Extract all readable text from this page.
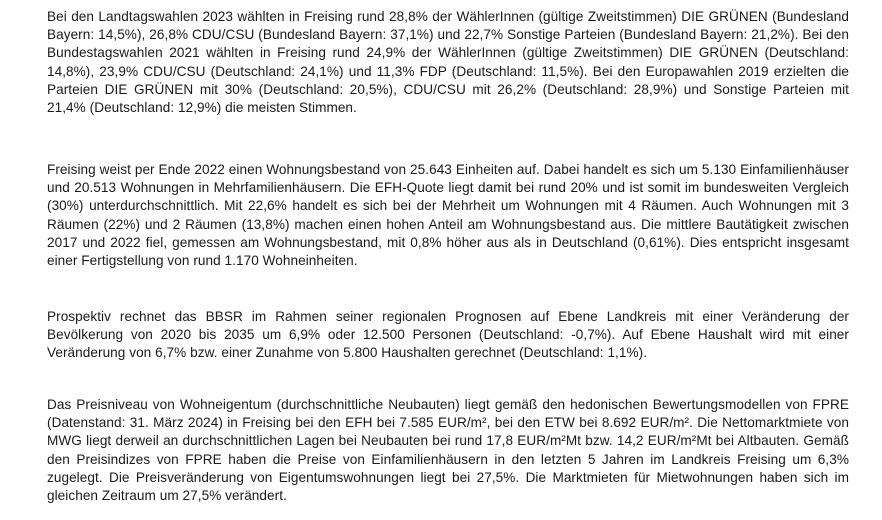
Bei den Landtagswahlen 2023 wählten in Freising rund 28,8% der WählerInnen (gültige Zweitstimmen) DIE GRÜNEN (Bundesland Bayern: 14,5%), 26,8% CDU/CSU (Bundesland Bayern: 37,1%) und 22,7% Sonstige Parteien (Bundesland Bayern: 21,2%). Bei den Bundestagswahlen 2021 wählten in Freising rund 24,9% der WählerInnen (gültige Zweitstimmen) DIE GRÜNEN (Deutschland: 14,8%), 23,9% CDU/CSU (Deutschland: 24,1%) und 11,3% FDP (Deutschland: 11,5%). Bei den Europawahlen 2019 erzielten die Parteien DIE GRÜNEN mit 30% (Deutschland: 20,5%), CDU/CSU mit 26,2% (Deutschland: 28,9%) und Sonstige Parteien mit 21,4% (Deutschland: 12,9%) die meisten Stimmen.

Freising weist per Ende 2022 einen Wohnungsbestand von 25.643 Einheiten auf. Dabei handelt es sich um 5.130 Einfamilienhäuser und 20.513 Wohnungen in Mehrfamilienhäusern. Die EFH-Quote liegt damit bei rund 20% und ist somit im bundesweiten Vergleich (30%) unterdurchschnittlich. Mit 22,6% handelt es sich bei der Mehrheit um Wohnungen mit 4 Räumen. Auch Wohnungen mit 3 Räumen (22%) und 2 Räumen (13,8%) machen einen hohen Anteil am Wohnungsbestand aus. Die mittlere Bautätigkeit zwischen 2017 und 2022 fiel, gemessen am Wohnungsbestand, mit 0,8% höher aus als in Deutschland (0,61%). Dies entspricht insgesamt einer Fertigstellung von rund 1.170 Wohneinheiten.

Prospektiv rechnet das BBSR im Rahmen seiner regionalen Prognosen auf Ebene Landkreis mit einer Veränderung der Bevölkerung von 2020 bis 2035 um 6,9% oder 12.500 Personen (Deutschland: -0,7%). Auf Ebene Haushalt wird mit einer Veränderung von 6,7% bzw. einer Zunahme von 5.800 Haushalten gerechnet (Deutschland: 1,1%).

Das Preisniveau von Wohneigentum (durchschnittliche Neubauten) liegt gemäß den hedonischen Bewertungsmodellen von FPRE (Datenstand: 31. März 2024) in Freising bei den EFH bei 7.585 EUR/m², bei den ETW bei 8.692 EUR/m². Die Nettomarktmiete von MWG liegt derweil an durchschnittlichen Lagen bei Neubauten bei rund 17,8 EUR/m²Mt bzw. 14,2 EUR/m²Mt bei Altbauten. Gemäß den Preisindizes von FPRE haben die Preise von Einfamilienhäusern in den letzten 5 Jahren im Landkreis Freising um 6,3% zugelegt. Die Preisveränderung von Eigentumswohnungen liegt bei 27,5%. Die Marktmieten für Mietwohnungen haben sich im gleichen Zeitraum um 27,5% verändert.
